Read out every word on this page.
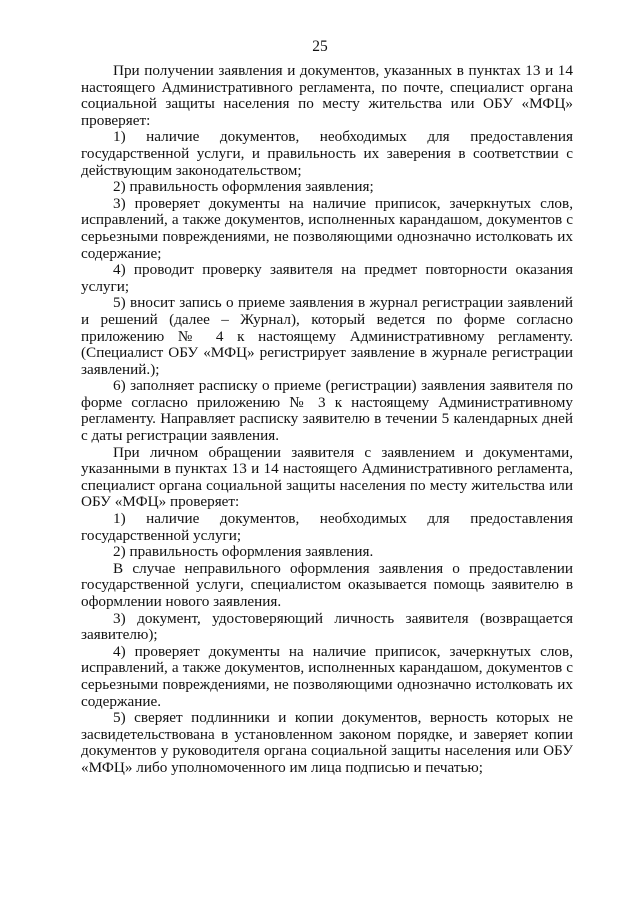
25

При получении заявления и документов, указанных в пунктах 13 и 14 настоящего Административного регламента, по почте, специалист органа социальной защиты населения по месту жительства или ОБУ «МФЦ» проверяет:

1) наличие документов, необходимых для предоставления государственной услуги, и правильность их заверения в соответствии с действующим законодательством;

2) правильность оформления заявления;

3) проверяет документы на наличие приписок, зачеркнутых слов, исправлений, а также документов, исполненных карандашом, документов с серьезными повреждениями, не позволяющими однозначно истолковать их содержание;

4) проводит проверку заявителя на предмет повторности оказания услуги;

5) вносит запись о приеме заявления в журнал регистрации заявлений и решений (далее – Журнал), который ведется по форме согласно приложению № 4 к настоящему Административному регламенту. (Специалист ОБУ «МФЦ» регистрирует заявление в журнале регистрации заявлений.);

6) заполняет расписку о приеме (регистрации) заявления заявителя по форме согласно приложению № 3 к настоящему Административному регламенту. Направляет расписку заявителю в течении 5 календарных дней с даты регистрации заявления.

При личном обращении заявителя с заявлением и документами, указанными в пунктах 13 и 14 настоящего Административного регламента, специалист органа социальной защиты населения по месту жительства или ОБУ «МФЦ» проверяет:

1) наличие документов, необходимых для предоставления государственной услуги;

2) правильность оформления заявления.

В случае неправильного оформления заявления о предоставлении государственной услуги, специалистом оказывается помощь заявителю в оформлении нового заявления.

3) документ, удостоверяющий личность заявителя (возвращается заявителю);

4) проверяет документы на наличие приписок, зачеркнутых слов, исправлений, а также документов, исполненных карандашом, документов с серьезными повреждениями, не позволяющими однозначно истолковать их содержание.

5) сверяет подлинники и копии документов, верность которых не засвидетельствована в установленном законом порядке, и заверяет копии документов у руководителя органа социальной защиты населения или ОБУ «МФЦ» либо уполномоченного им лица подписью и печатью;
